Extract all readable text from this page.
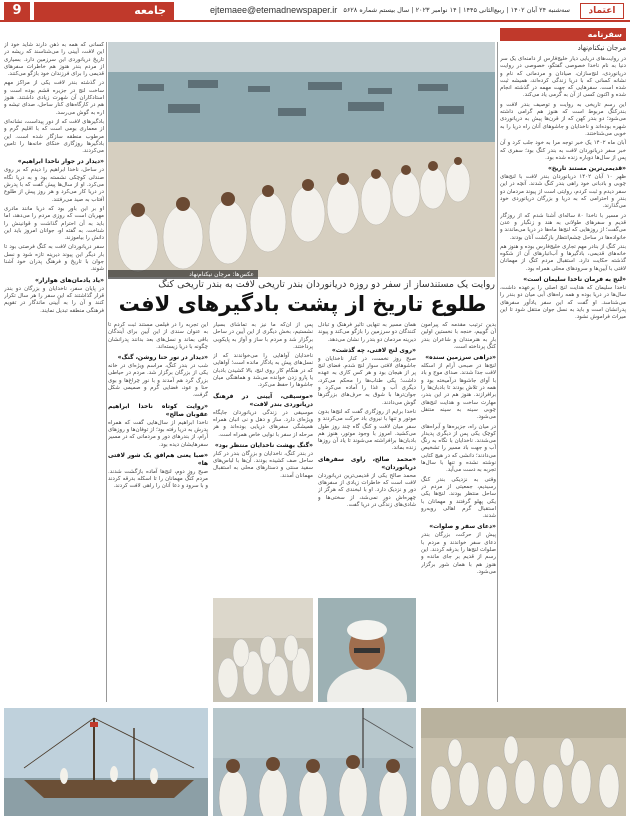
9	جامعه	ejtemaee@etemadnewspaper.ir سه‌شنبه ۲۴ آبان ۱۴۰۲ | ربیع‌الثانی ۱۴۴۵ | ۱۴ نوامبر ۲۰۲۳ | سال بیستم شماره ۵۶۲۸	اعتماد
سفرنامه
مرجان نیکنام‌نهاد

در روایت‌های دریایی دیار خلیج‌فارس از دامنه‌ای یک سر دنیا به نام ناخدا خصوصی گفتگو، خصوصی در روایت دریانوردی، لنج‌سازان، صیادان و مردمانی که نام و نشانه کسانی که با دریا زندگی کرده‌اند، همیشه ثبت شده است. سفرهایی که جهت مهمه در گذشته انجام شده و اکنون کسی از آن به گرمی یاد می‌کند.

این رسم تاریخی به روایت و توصیف بندر لافت و بندرکنگ مربوط است که هنوز هم گرامی داشته می‌شود؛ دو بندر کهن که از قرن‌ها پیش به دریانوردی شهره بوده‌اند و ناخدایان و جاشوهای آنان راه دریا را به خوبی می‌شناختند.

آبان ماه ۱۴۰۲ یک خبر توجه مرا به خود جلب کرد و آن خبر سفر دریانوردان لافت به بندر کنگ بود؛ سفری که پس از سال‌ها دوباره زنده شده بود.

«قدیمی‌ترین مستند تاریخ»

ظهر ۱۰ آبان ۱۴۰۲ دریانوردان بندر لافت با لنج‌های چوبی و بادبانی خود راهی بندر کنگ شدند. آنچه در این سفر دیدم و ثبت کردم، روایتی است از پیوند مردمان دو بندر و احترامی که به دریا و بزرگان دریانوردی خود می‌گذارند.

در مسیر با ناخدا ۸۰ ساله‌ای آشنا شدم که از روزگار قدیم و سفرهای طولانی به هند و زنگبار و عدن می‌گفت؛ از روزهایی که لنج‌ها ماه‌ها در دریا می‌ماندند و خانواده‌ها در ساحل چشم‌انتظار بازگشت آنان بودند.

بندر کنگ از بنادر مهم تجاری خلیج‌فارس بوده و هنوز هم خانه‌های قدیمی، بادگیرها و آب‌انبارهای آن از شکوه گذشته حکایت دارد. استقبال مردم کنگ از مهمانان لافتی با آیین‌ها و سرودهای محلی همراه بود.

«لنج به فرمان ناخدا سلیمان است»

ناخدا سلیمان که هدایت لنج اصلی را برعهده داشت، سال‌ها در دریا بوده و همه راه‌های آبی میان دو بندر را می‌شناسد. او گفت که این سفر یادآور سفرهای پدرانشان است و باید به نسل جوان منتقل شود تا این میراث فراموش نشود.

عکس‌ها: مرجان نیکنام‌نهاد
روایت یک مستندساز از سفر دو روزه دریانوردان بندر تاریخی لافت به بندر تاریخی کنگ
طلوع تاریخ از پشت بادگیرهای لافت

کسانی که همه به ذهن دارند شاید خود از این لافت، آیینی را می‌شناسند که ریشه در تاریخ دریانوردی این سرزمین دارد. بسیاری از مردم بندر هنوز هم خاطرات سفرهای قدیمی را برای فرزندان خود بازگو می‌کنند.

در گذشته بندر لافت یکی از مراکز مهم ساخت لنج در جزیره قشم بوده است و استادکاران آن شهرت زیادی داشتند. هنوز هم در کارگاه‌های کنار ساحل، صدای تیشه و اره به گوش می‌رسد.

بادگیرهای لافت که از دور پیداست، نشانه‌ای از معماری بومی است که با اقلیم گرم و مرطوب منطقه سازگار شده است. این بادگیرها روزگاری خنکای خانه‌ها را تامین می‌کردند.

«دیدار در جوار ناخدا ابراهیم»

در ساحل، ناخدا ابراهیم را دیدم که بر روی صندلی کوچکی نشسته بود و به دریا نگاه می‌کرد. او از سال‌ها پیش گفت که با پدرش در دریا کار می‌کرد و هر روز پیش از طلوع آفتاب به صید می‌رفتند.

او بر این باور بود که دریا مانند مادری مهربان است که روزی مردم را می‌دهد، اما باید به آن احترام گذاشت و قوانینش را شناخت. به گفته او، جوانان امروز باید این دانش را بیاموزند.

سفر دریانوردان لافت به کنگ فرصتی بود تا بار دیگر این پیوند دیرینه تازه شود و نسل جوان با تاریخ و فرهنگ پدران خود آشنا شوند.

«یاد یادمان‌های هوارار»

در پایان سفر، ناخدایان و بزرگان دو بندر قرار گذاشتند که این سفر را هر سال تکرار کنند و آن را به آیینی ماندگار در تقویم فرهنگی منطقه تبدیل نمایند.

بدین ترتیب مقدمه که پیرامون آن گوییم، خنجه با نخستین اولین بار به هنرمندان و شاعران بندر کنگ پرداخته است.

«دراهی سرزمین سنده»

لنج‌ها در صبحی آرام از اسکله لافت جدا شدند. صدای موج و باد با آوای جاشوها درآمیخته بود و همه در تلاش بودند تا بادبان‌ها را برافرازند. هنوز هم در این بندر، مهارت ساخت و هدایت لنج‌های چوبی سینه به سینه منتقل می‌شود.

در میان راه، جزیره‌ها و آبراه‌های کوچک یکی پس از دیگری پدیدار می‌شدند. ناخدایان با نگاه به رنگ آب و جهت باد مسیر را تشخیص می‌دادند؛ دانشی که در هیچ کتابی نوشته نشده و تنها با سال‌ها تجربه به دست می‌آید.

وقتی به نزدیکی بندر کنگ رسیدیم، جمعیتی از مردم در ساحل منتظر بودند. لنج‌ها یکی یکی پهلو گرفتند و مهمانان با استقبال گرم اهالی روبه‌رو شدند.

«دعای سفر و صلوات»

پیش از حرکت، بزرگان بندر دعای سفر خواندند و مردم با صلوات لنج‌ها را بدرقه کردند. این رسم از قدیم بر جای مانده و هنوز هم با همان شور برگزار می‌شود.

همان مسیر به تنهایی تاثیر فرهنگ و تبادل کنندگان دو سرزمین را بازگو می‌کند و پیوند دیرینه مردمان دو بندر را نشان می‌دهد.

«روی لنج لافتی، چه گذشت»

صبح روز نخست، در کنار ناخدایان و جاشوهای لافتی سوار لنج شدم. فضای لنج پر از هیجان بود و هر کس کاری به عهده داشت؛ یکی طناب‌ها را محکم می‌کرد، دیگری آب و غذا را آماده می‌کرد و جوان‌ترها با شوق به حرف‌های بزرگترها گوش می‌دادند.

ناخدا برایم از روزگاری گفت که لنج‌ها بدون موتور و تنها با نیروی باد حرکت می‌کردند و سفر میان لافت و کنگ گاه چند روز طول می‌کشید. امروز با وجود موتور، هنوز هم بادبان‌ها برافراشته می‌شوند تا یاد آن روزها زنده بماند.

«محمد صالح، راوی سفرهای دریانوردان»

محمد صالح یکی از قدیمی‌ترین دریانوردان لافت است که خاطرات زیادی از سفرهای دور و نزدیک دارد. او با لبخندی که هرگز از چهره‌اش دور نمی‌شد، از سختی‌ها و شادی‌های زندگی در دریا گفت.

پس از آن‌که ما نیز به تماشای بسیار نشستیم، بخش دیگری از این آیین در ساحل برگزار شد و مردم با ساز و آواز به پایکوبی پرداختند.

ناخدایان آواهایی را می‌خواندند که از نسل‌های پیش به یادگار مانده است؛ آواهایی که در هنگام کار روی لنج، بالا کشیدن بادبان یا پارو زدن خوانده می‌شد و هماهنگی میان جاشوها را حفظ می‌کرد.

«موسیقی، آیینی در فرهنگ دریانوردی بندر لافت»

موسیقی در زندگی دریانوردان جایگاه ویژه‌ای دارد. ساز و دهل و نی انبان همراه همیشگی سفرهای دریایی بوده‌اند و هر مرحله از سفر با نوایی خاص همراه است.

«گنگ بهشت ناخدایان منتظر بود»

در بندر کنگ، ناخدایان و بزرگان بندر در کنار ساحل صف کشیده بودند. آن‌ها با لباس‌های سفید سنتی و دستارهای محلی به استقبال مهمانان آمدند.

این تجربه را در فیلمی مستند ثبت کردم تا به عنوان سندی از این آیین برای آیندگان باقی بماند و نسل‌های بعد بدانند پدرانشان چگونه با دریا زیسته‌اند.

«دیدار در نور حنا روشن، گنگ»

شب در بندر کنگ، مراسم ویژه‌ای در خانه یکی از بزرگان برگزار شد. مردم در حیاطی بزرگ گرد هم آمدند و با نور چراغ‌ها و بوی حنا و عود، فضایی گرم و صمیمی شکل گرفت.

«روایت کوتاه ناخدا ابراهیم عقوبان صالح»

ناخدا ابراهیم از سال‌هایی گفت که همراه پدرش به دریا رفته بود؛ از توفان‌ها و روزهای آرام، از بندرهای دور و مردمانی که در مسیر سفرهایشان دیده بود.

«صبا یعنی هم‌افق یک شور لافتی ها»

صبح روز دوم، لنج‌ها آماده بازگشت شدند. مردم کنگ مهمانان را تا اسکله بدرقه کردند و با سرود و دعا آنان را راهی لافت کردند.
